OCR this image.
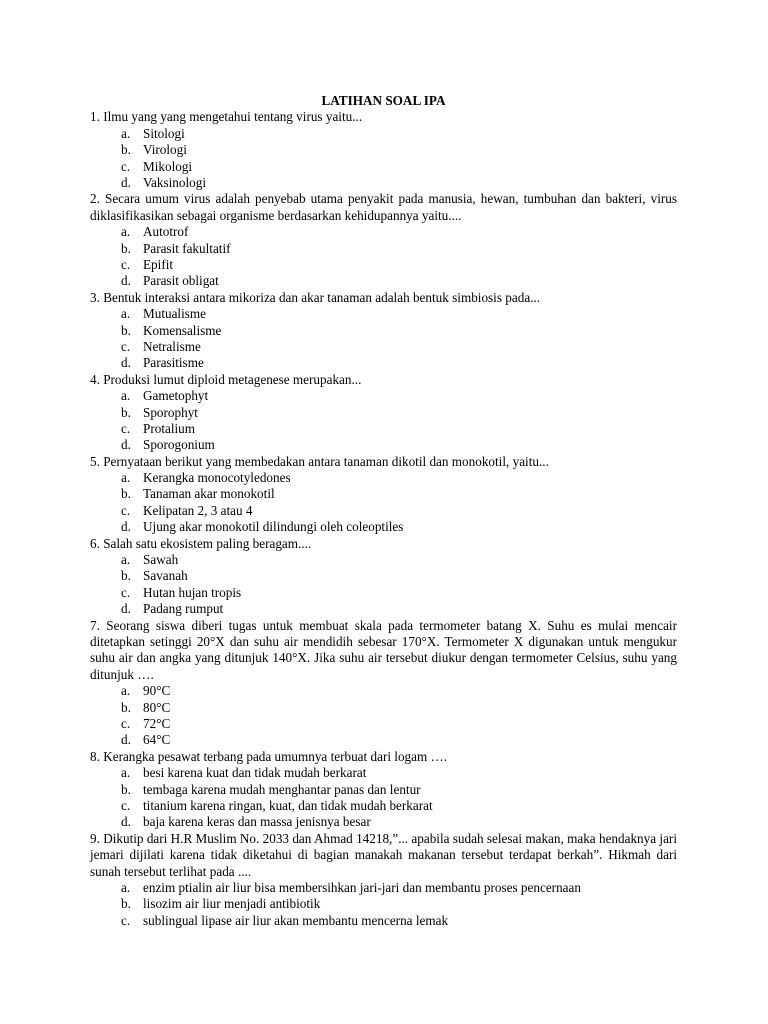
LATIHAN SOAL IPA

1. Ilmu yang yang mengetahui tentang virus yaitu...

a. Sitologi
b. Virologi
c. Mikologi
d. Vaksinologi

2. Secara umum virus adalah penyebab utama penyakit pada manusia, hewan, tumbuhan dan bakteri, virus diklasifikasikan sebagai organisme berdasarkan kehidupannya yaitu....

a. Autotrof
b. Parasit fakultatif
c. Epifit
d. Parasit obligat

3. Bentuk interaksi antara mikoriza dan akar tanaman adalah bentuk simbiosis pada...

a. Mutualisme
b. Komensalisme
c. Netralisme
d. Parasitisme

4. Produksi lumut diploid metagenese merupakan...

a. Gametophyt
b. Sporophyt
c. Protalium
d. Sporogonium

5. Pernyataan berikut yang membedakan antara tanaman dikotil dan monokotil, yaitu...

a. Kerangka monocotyledones
b. Tanaman akar monokotil
c. Kelipatan 2, 3 atau 4
d. Ujung akar monokotil dilindungi oleh coleoptiles

6. Salah satu ekosistem paling beragam....

a. Sawah
b. Savanah
c. Hutan hujan tropis
d. Padang rumput

7. Seorang siswa diberi tugas untuk membuat skala pada termometer batang X. Suhu es mulai mencair ditetapkan setinggi 20°X dan suhu air mendidih sebesar 170°X. Termometer X digunakan untuk mengukur suhu air dan angka yang ditunjuk 140°X. Jika suhu air tersebut diukur dengan termometer Celsius, suhu yang ditunjuk ….

a. 90°C
b. 80°C
c. 72°C
d. 64°C

8. Kerangka pesawat terbang pada umumnya terbuat dari logam ….

a. besi karena kuat dan tidak mudah berkarat
b. tembaga karena mudah menghantar panas dan lentur
c. titanium karena ringan, kuat, dan tidak mudah berkarat
d. baja karena keras dan massa jenisnya besar

9. Dikutip dari H.R Muslim No. 2033 dan Ahmad 14218,”... apabila sudah selesai makan, maka hendaknya jari jemari dijilati karena tidak diketahui di bagian manakah makanan tersebut terdapat berkah”. Hikmah dari sunah tersebut terlihat pada ....

a. enzim ptialin air liur bisa membersihkan jari-jari dan membantu proses pencernaan
b. lisozim air liur menjadi antibiotik
c. sublingual lipase air liur akan membantu mencerna lemak
